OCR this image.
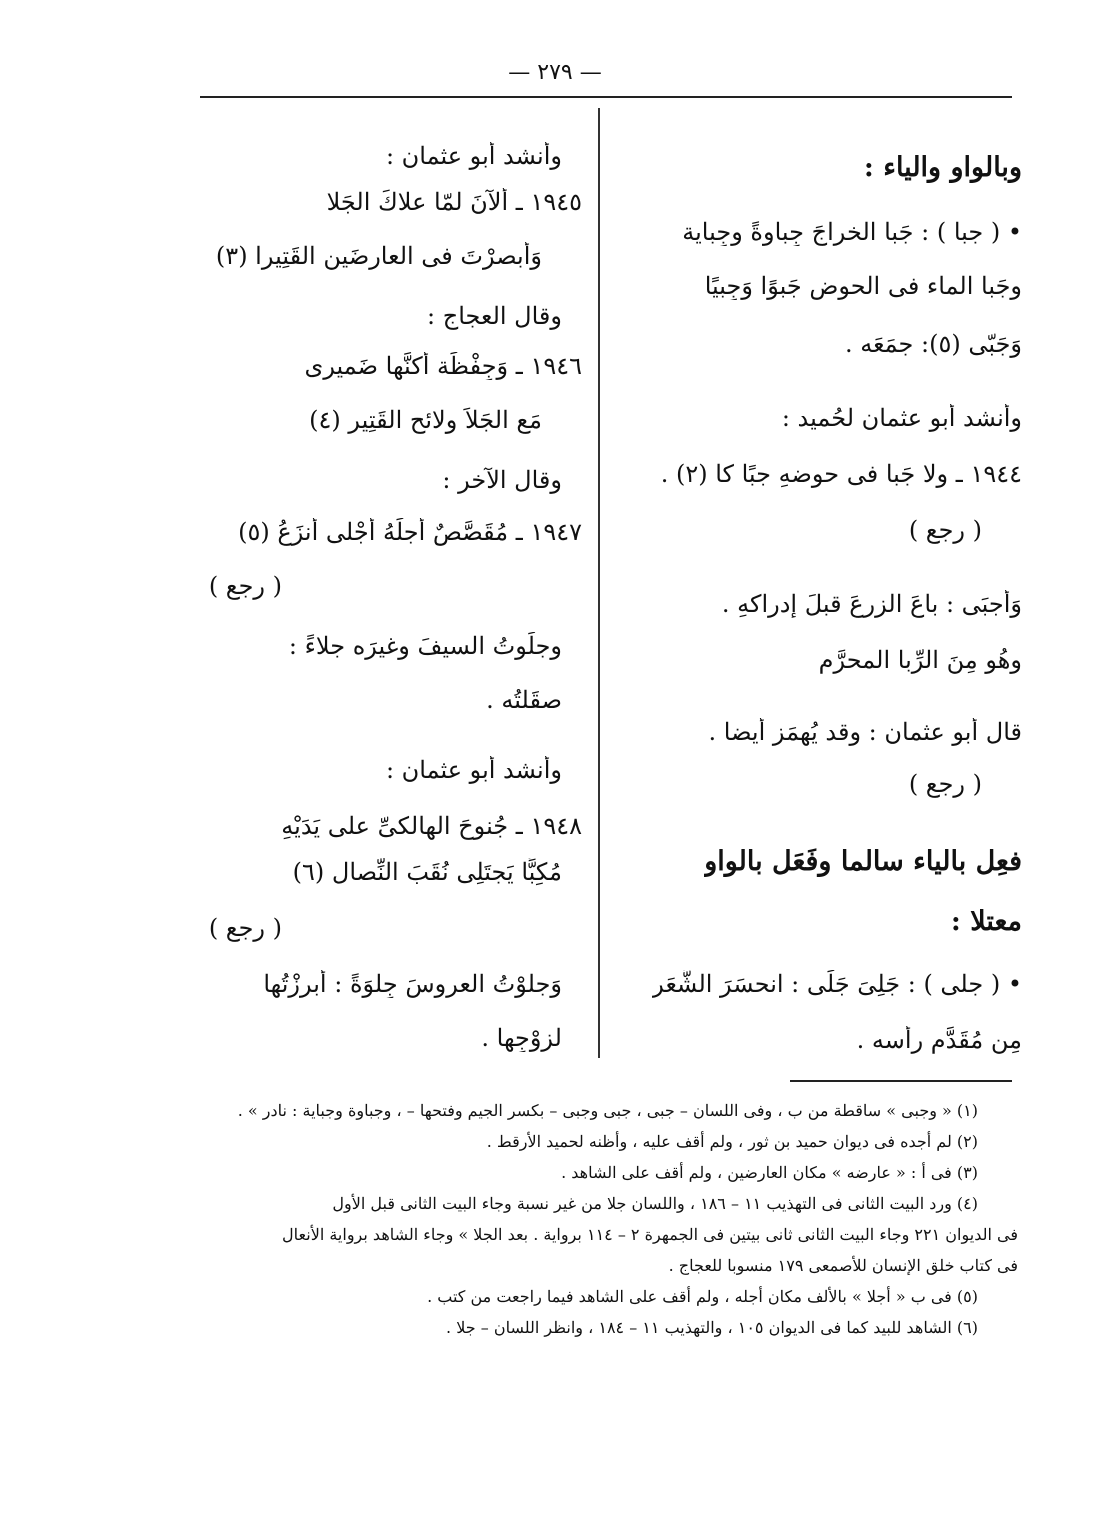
— ٢٧٩ —
وبالواو والياء :
• ( جبا ) : جَبا الخراجَ جِباوةً وجِباية
وجَبا الماء فى الحوضِ جَبوًا وَجِبيًا
وَجَبّى (٥): جمَعَه .
وأنشد أبو عثمان لحُميد :
١٩٤٤ ـ ولا جَبا فى حوضهِ جبًا كا (٢) .
( رجع )
وَأجبَى : باعَ الزرعَ قبلَ إدراكهِ .
وهُو مِنَ الرِّبا المحرَّم
قال أبو عثمان : وقد يُهمَز أيضا .
( رجع )
فعِل بالياء سالما وفَعَل بالواو
معتلا :
• ( جلى ) : جَلِىَ جَلًى : انحسَرَ الشَّعَر
مِن مُقَدَّم رأسه .
وأنشد أبو عثمان :
١٩٤٥ ـ ألآنَ لمّا علاكَ الجَلا
وَأبصرْتَ فى العارِضَين القَتِيرا (٣)
وقال العجاج :
١٩٤٦ ـ وَجِفْظَة أكنَّها ضَميرى
مَع الجَلاَ ولائح القَتِير (٤)
وقال الآخر :
١٩٤٧ ـ مُقَصَّصٌ أجلَهُ أجْلى أنزَعُ (٥)
( رجع )
وجلَوتُ السيفَ وغيرَه جلاءً :
صقَلتُه .
وأنشد أبو عثمان :
١٩٤٨ ـ جُنوحَ الهالكىِّ على يَدَيْهِ
مُكِبًّا يَجتَلِى نُقَبَ النِّصال (٦)
( رجع )
وَجلوْتُ العروسَ جِلوَةً : أبرزْتُها
لزوْجِها .
(١) « وجبى » ساقطة من ب ، وفى اللسان – جبى ، جبى وجبى – بكسر الجيم وفتحها – ، وجباوة وجباية : نادر » .
(٢) لم أجده فى ديوان حميد بن ثور ، ولم أقف عليه ، وأظنه لحميد الأرقط .
(٣) فى أ : « عارضه » مكان العارضين ، ولم أقف على الشاهد .
(٤) ورد البيت الثانى فى التهذيب ١١ – ١٨٦ ، واللسان جلا من غير نسبة وجاء البيت الثانى قبل الأول
فى الديوان ٢٢١ وجاء البيت الثانى ثانى بيتين فى الجمهرة ٢ – ١١٤ برواية . بعد الجلا » وجاء الشاهد برواية الأنعال
فى كتاب خلق الإنسان للأصمعى ١٧٩ منسوبا للعجاج .
(٥) فى ب « أجلا » بالألف مكان أجله ، ولم أقف على الشاهد فيما راجعت من كتب .
(٦) الشاهد للبيد كما فى الديوان ١٠٥ ، والتهذيب ١١ – ١٨٤ ، وانظر اللسان – جلا .
